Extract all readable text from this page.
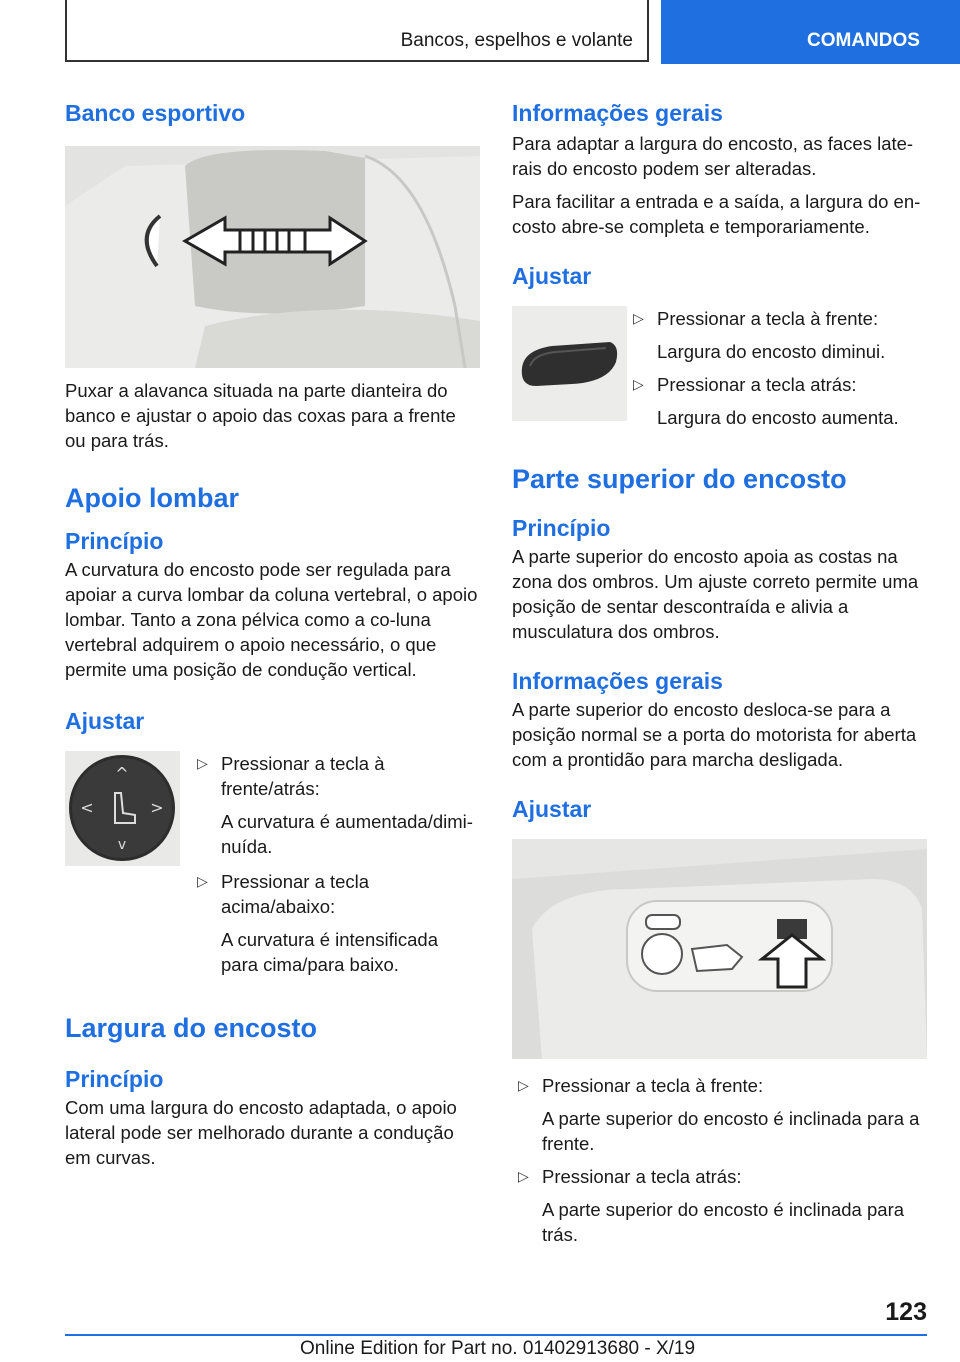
Bancos, espelhos e volante	COMANDOS
Banco esportivo

Puxar a alavanca situada na parte dianteira do banco e ajustar o apoio das coxas para a frente ou para trás.

Apoio lombar
Princípio

A curvatura do encosto pode ser regulada para apoiar a curva lombar da coluna vertebral, o apoio lombar. Tanto a zona pélvica como a co-luna vertebral adquirem o apoio necessário, o que permite uma posição de condução vertical.

Ajustar
^
v
<	>
▷ Pressionar a tecla à frente/atrás:
A curvatura é aumentada/dimi-nuída.
▷ Pressionar a tecla acima/abaixo:
A curvatura é intensificada para cima/para baixo.
Largura do encosto
Princípio

Com uma largura do encosto adaptada, o apoio lateral pode ser melhorado durante a condução em curvas.

Informações gerais

Para adaptar a largura do encosto, as faces late-rais do encosto podem ser alteradas.

Para facilitar a entrada e a saída, a largura do en-costo abre-se completa e temporariamente.

Ajustar
▷ Pressionar a tecla à frente:
Largura do encosto diminui.
▷ Pressionar a tecla atrás:
Largura do encosto aumenta.
Parte superior do encosto
Princípio

A parte superior do encosto apoia as costas na zona dos ombros. Um ajuste correto permite uma posição de sentar descontraída e alivia a musculatura dos ombros.

Informações gerais

A parte superior do encosto desloca-se para a posição normal se a porta do motorista for aberta com a prontidão para marcha desligada.

Ajustar
▷ Pressionar a tecla à frente:
A parte superior do encosto é inclinada para a frente.
▷ Pressionar a tecla atrás:
A parte superior do encosto é inclinada para trás.
123
Online Edition for Part no. 01402913680 - X/19
